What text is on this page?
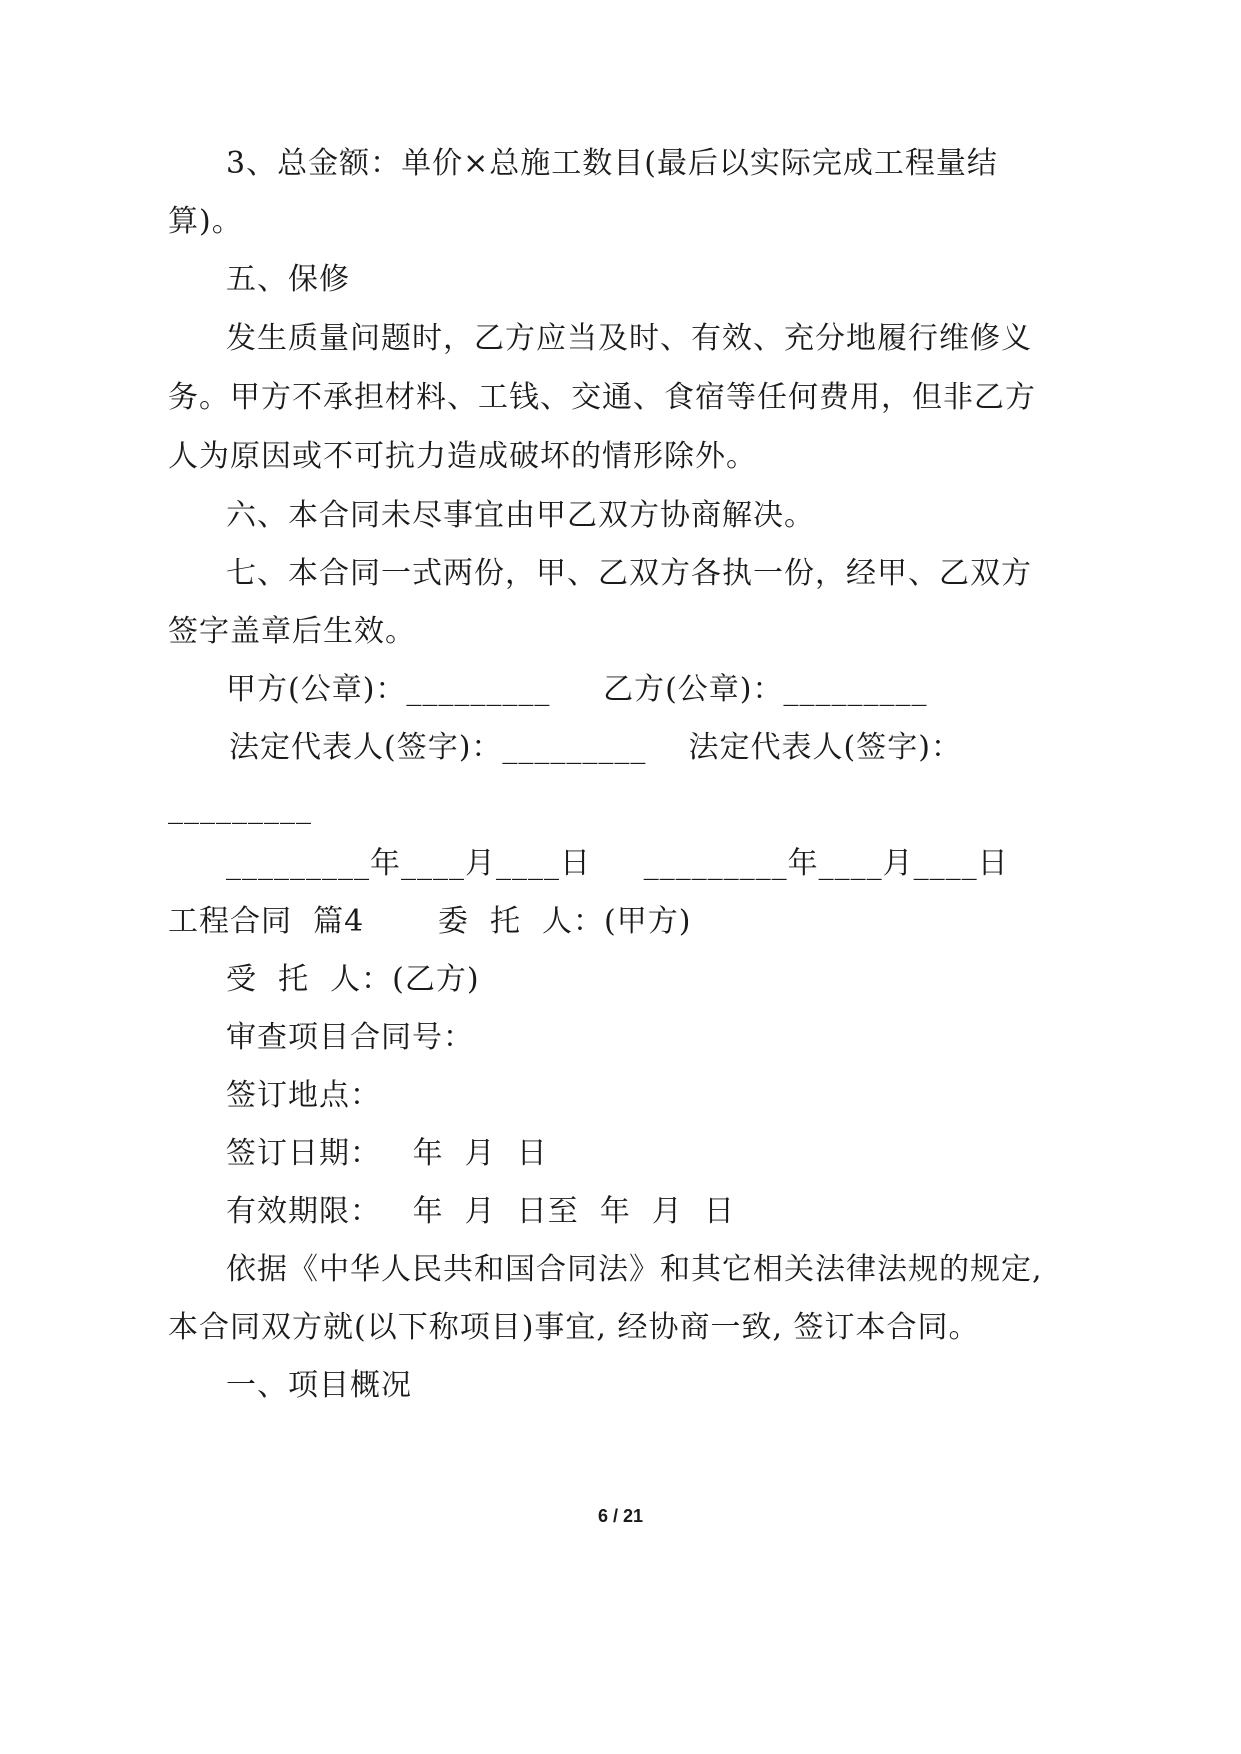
3、总金额：单价×总施工数目(最后以实际完成工程量结
算)。
五、保修
发生质量问题时，乙方应当及时、有效、充分地履行维修义
务。甲方不承担材料、工钱、交通、食宿等任何费用，但非乙方
人为原因或不可抗力造成破坏的情形除外。
六、本合同未尽事宜由甲乙双方协商解决。
七、本合同一式两份，甲、乙双方各执一份，经甲、乙双方
签字盖章后生效。
甲方(公章)：_________     乙方(公章)：_________
法定代表人(签字)：_________    法定代表人(签字)：
_________
_________年____月____日     _________年____月____日
工程合同  篇4       委  托  人：(甲方)
受  托  人：(乙方)
审查项目合同号：
签订地点：
签订日期：   年  月  日
有效期限：   年  月  日至  年  月  日
依据《中华人民共和国合同法》和其它相关法律法规的规定,
本合同双方就(以下称项目)事宜, 经协商一致, 签订本合同。
一、项目概况
6 / 21
